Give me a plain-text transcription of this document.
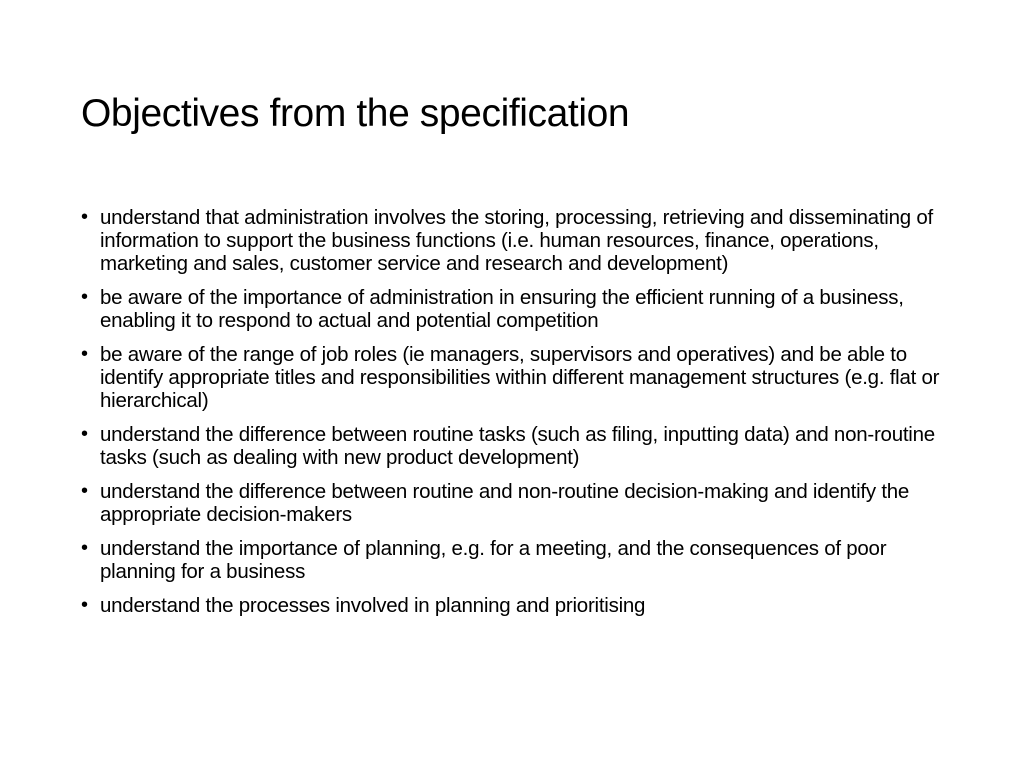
Objectives from the specification
• understand that administration involves the storing, processing, retrieving and disseminating of information to support the business functions (i.e. human resources, finance, operations, marketing and sales, customer service and research and development)
• be aware of the importance of administration in ensuring the efficient running of a business, enabling it to respond to actual and potential competition
• be aware of the range of job roles (ie managers, supervisors and operatives) and be able to identify appropriate titles and responsibilities within different management structures (e.g. flat or hierarchical)
• understand the difference between routine tasks (such as filing, inputting data) and non-routine tasks (such as dealing with new product development)
• understand the difference between routine and non-routine decision-making and identify the appropriate decision-makers
• understand the importance of planning, e.g. for a meeting, and the consequences of poor planning for a business
• understand the processes involved in planning and prioritising
